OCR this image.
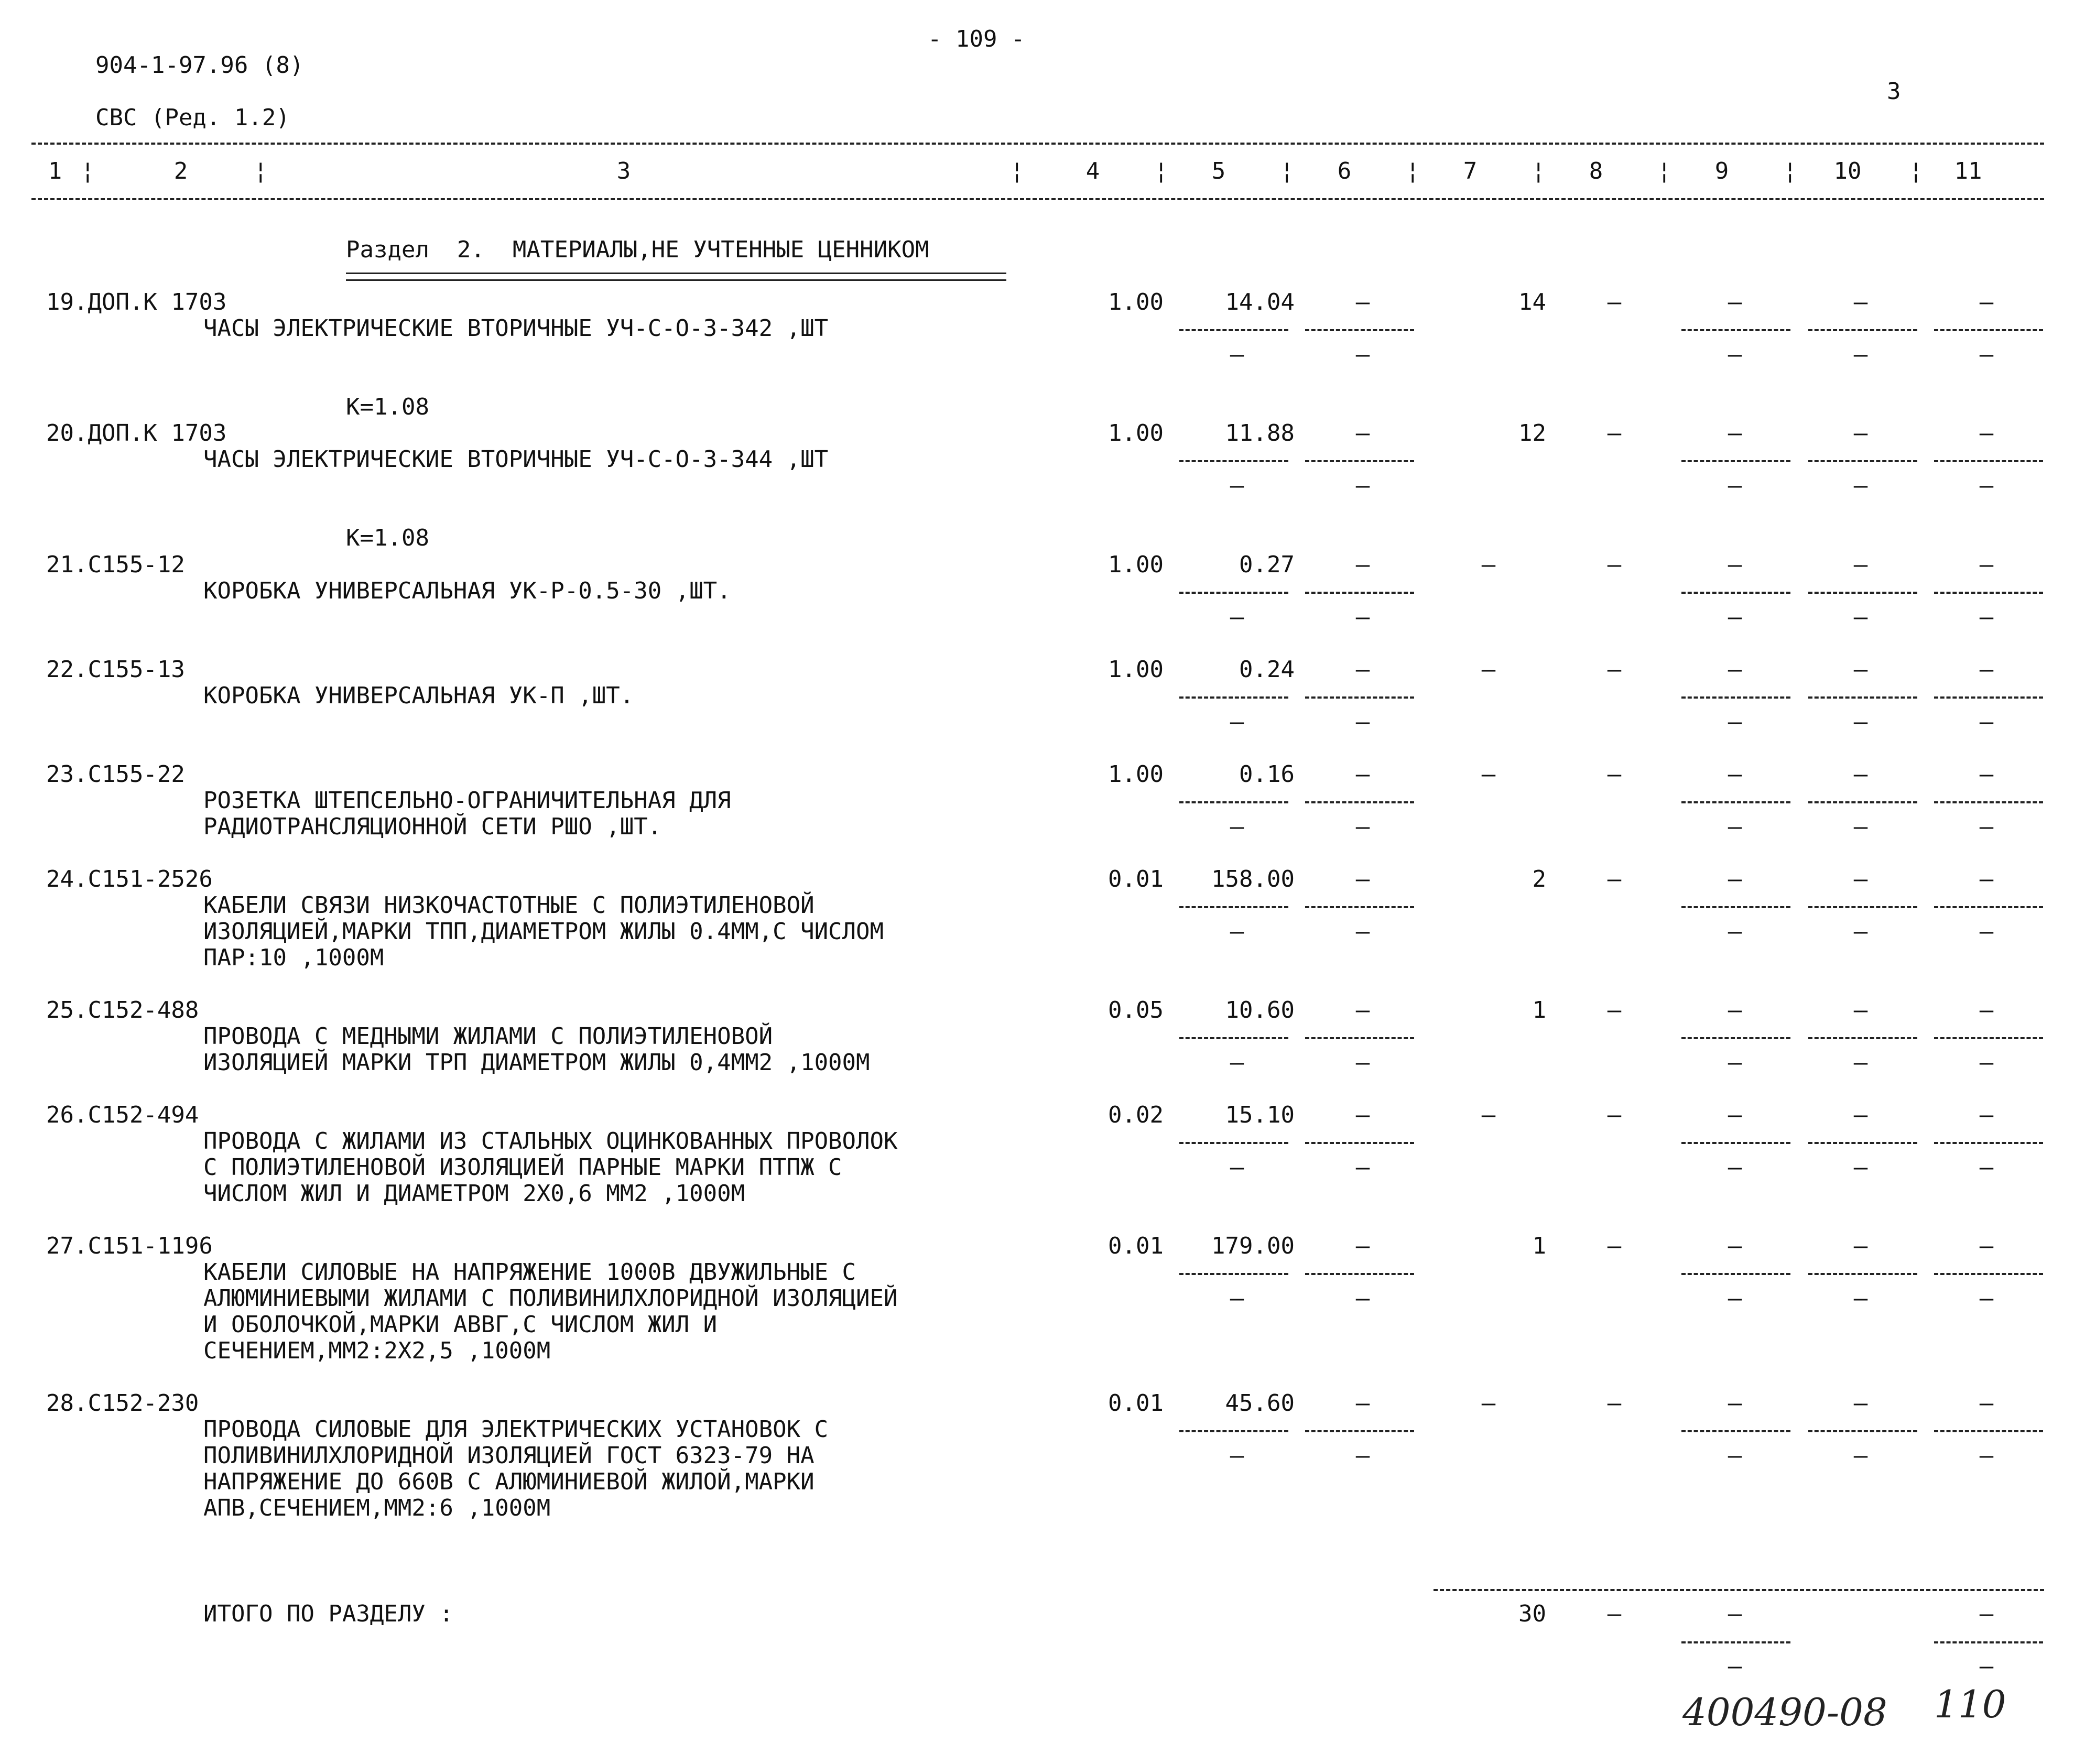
- 109 -
904-1-97.96 (8)
СВС (Ред. 1.2)
3
1	2	3	4	5	6	7	8	9	10	11
¦	¦	¦	¦	¦	¦	¦	¦	¦	¦
Раздел  2.  МАТЕРИАЛЫ,НЕ УЧТЕННЫЕ ЦЕННИКОМ
19.ДОП.К 1703
ЧАСЫ ЭЛЕКТРИЧЕСКИЕ ВТОРИЧНЫЕ УЧ-С-О-3-342 ,ШТ
1.00	14.04	–	14	–	–	–	–
–	–	–	–	–
К=1.08
20.ДОП.К 1703
ЧАСЫ ЭЛЕКТРИЧЕСКИЕ ВТОРИЧНЫЕ УЧ-С-О-3-344 ,ШТ
1.00	11.88	–	12	–	–	–	–
–	–	–	–	–
К=1.08
21.С155-12
КОРОБКА УНИВЕРСАЛЬНАЯ УК-Р-0.5-30 ,ШТ.
1.00	0.27	–	–	–	–	–	–
–	–	–	–	–
22.С155-13
КОРОБКА УНИВЕРСАЛЬНАЯ УК-П ,ШТ.
1.00	0.24	–	–	–	–	–	–
–	–	–	–	–
23.С155-22
РОЗЕТКА ШТЕПСЕЛЬНО-ОГРАНИЧИТЕЛЬНАЯ ДЛЯ
РАДИОТРАНСЛЯЦИОННОЙ СЕТИ РШО ,ШТ.
1.00	0.16	–	–	–	–	–	–
–	–	–	–	–
24.С151-2526
КАБЕЛИ СВЯЗИ НИЗКОЧАСТОТНЫЕ С ПОЛИЭТИЛЕНОВОЙ
ИЗОЛЯЦИЕЙ,МАРКИ ТПП,ДИАМЕТРОМ ЖИЛЫ 0.4ММ,С ЧИСЛОМ
ПАР:10 ,1000М
0.01	158.00	–	2	–	–	–	–
–	–	–	–	–
25.С152-488
ПРОВОДА С МЕДНЫМИ ЖИЛАМИ С ПОЛИЭТИЛЕНОВОЙ
ИЗОЛЯЦИЕЙ МАРКИ ТРП ДИАМЕТРОМ ЖИЛЫ 0,4ММ2 ,1000М
0.05	10.60	–	1	–	–	–	–
–	–	–	–	–
26.С152-494
ПРОВОДА С ЖИЛАМИ ИЗ СТАЛЬНЫХ ОЦИНКОВАННЫХ ПРОВОЛОК
С ПОЛИЭТИЛЕНОВОЙ ИЗОЛЯЦИЕЙ ПАРНЫЕ МАРКИ ПТПЖ С
ЧИСЛОМ ЖИЛ И ДИАМЕТРОМ 2Х0,6 ММ2 ,1000М
0.02	15.10	–	–	–	–	–	–
–	–	–	–	–
27.С151-1196
КАБЕЛИ СИЛОВЫЕ НА НАПРЯЖЕНИЕ 1000В ДВУЖИЛЬНЫЕ С
АЛЮМИНИЕВЫМИ ЖИЛАМИ С ПОЛИВИНИЛХЛОРИДНОЙ ИЗОЛЯЦИЕЙ
И ОБОЛОЧКОЙ,МАРКИ АВВГ,С ЧИСЛОМ ЖИЛ И
СЕЧЕНИЕМ,ММ2:2Х2,5 ,1000М
0.01	179.00	–	1	–	–	–	–
–	–	–	–	–
28.С152-230
ПРОВОДА СИЛОВЫЕ ДЛЯ ЭЛЕКТРИЧЕСКИХ УСТАНОВОК С
ПОЛИВИНИЛХЛОРИДНОЙ ИЗОЛЯЦИЕЙ ГОСТ 6323-79 НА
НАПРЯЖЕНИЕ ДО 660В С АЛЮМИНИЕВОЙ ЖИЛОЙ,МАРКИ
АПВ,СЕЧЕНИЕМ,ММ2:6 ,1000М
0.01	45.60	–	–	–	–	–	–
–	–	–	–	–
ИТОГО ПО РАЗДЕЛУ :	30	–	–	–
–	–
400490-08 110
